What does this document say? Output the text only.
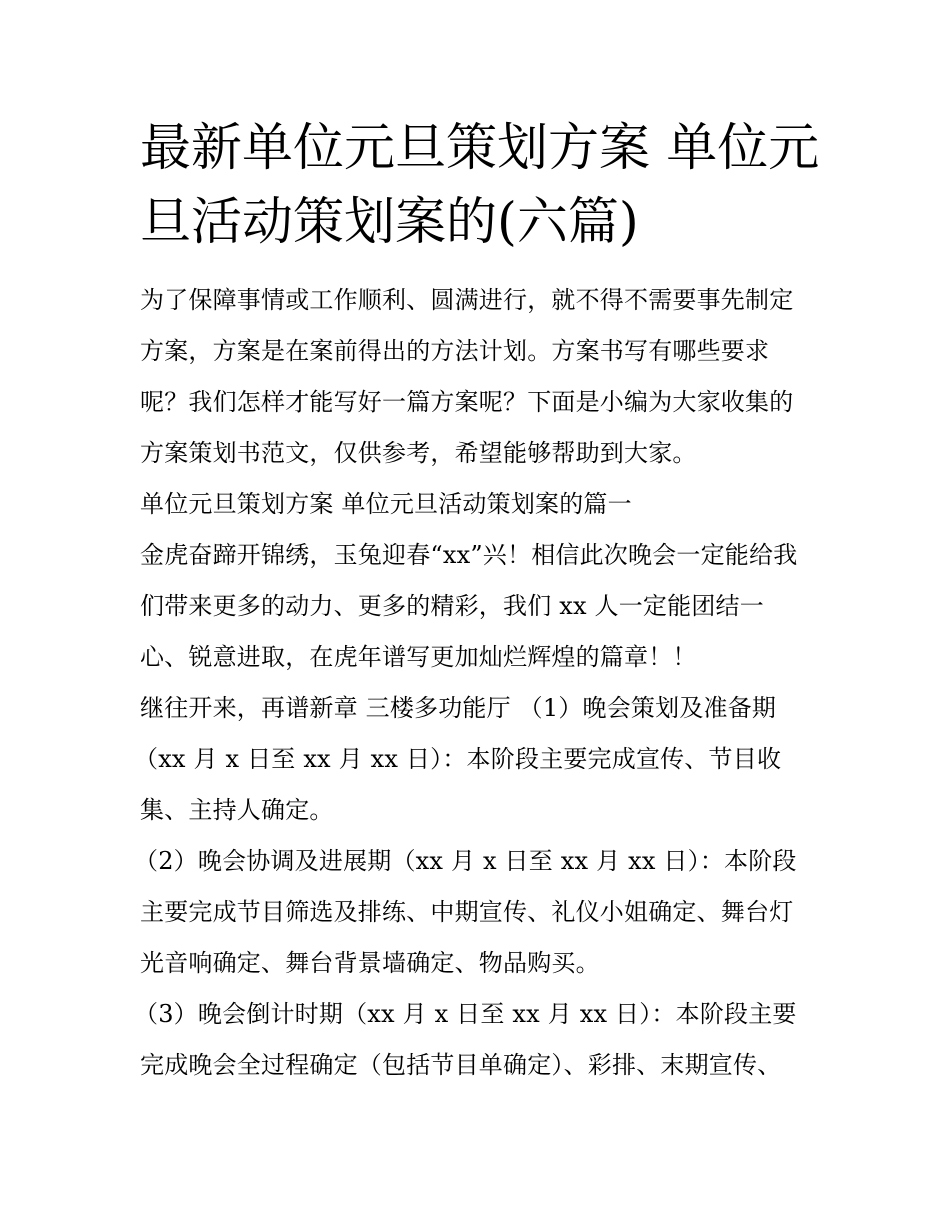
最新单位元旦策划方案 单位元
旦活动策划案的(六篇)
为了保障事情或工作顺利、圆满进行，就不得不需要事先制定
方案，方案是在案前得出的方法计划。方案书写有哪些要求
呢？我们怎样才能写好一篇方案呢？下面是小编为大家收集的
方案策划书范文，仅供参考，希望能够帮助到大家。
单位元旦策划方案 单位元旦活动策划案的篇一
金虎奋蹄开锦绣，玉兔迎春“xx”兴！相信此次晚会一定能给我
们带来更多的动力、更多的精彩，我们 xx 人一定能团结一
心、锐意进取，在虎年谱写更加灿烂辉煌的篇章！！
继往开来，再谱新章 三楼多功能厅 （1）晚会策划及准备期
（xx 月 x 日至 xx 月 xx 日）：本阶段主要完成宣传、节目收
集、主持人确定。
（2）晚会协调及进展期（xx 月 x 日至 xx 月 xx 日）：本阶段
主要完成节目筛选及排练、中期宣传、礼仪小姐确定、舞台灯
光音响确定、舞台背景墙确定、物品购买。
（3）晚会倒计时期（xx 月 x 日至 xx 月 xx 日）：本阶段主要
完成晚会全过程确定（包括节目单确定）、彩排、末期宣传、
